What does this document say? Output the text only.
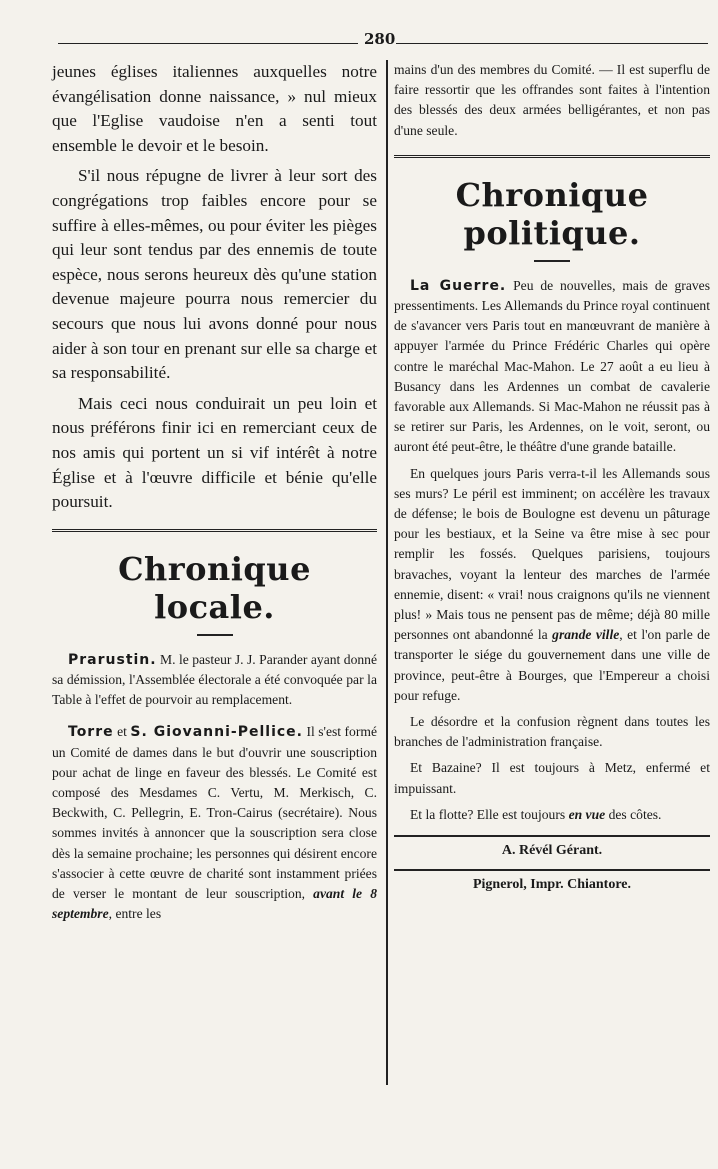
280

jeunes églises italiennes auxquelles notre évangélisation donne naissance, » nul mieux que l'Eglise vaudoise n'en a senti tout ensemble le devoir et le besoin.

S'il nous répugne de livrer à leur sort des congrégations trop faibles encore pour se suffire à elles-mêmes, ou pour éviter les pièges qui leur sont tendus par des ennemis de toute espèce, nous serons heureux dès qu'une station devenue majeure pourra nous remercier du secours que nous lui avons donné pour nous aider à son tour en prenant sur elle sa charge et sa responsabilité.

Mais ceci nous conduirait un peu loin et nous préférons finir ici en remerciant ceux de nos amis qui portent un si vif intérêt à notre Église et à l'œuvre difficile et bénie qu'elle poursuit.

Chronique locale.

Prarustin. M. le pasteur J. J. Parander ayant donné sa démission, l'Assemblée électorale a été convoquée par la Table à l'effet de pourvoir au remplacement.

Torre et S. Giovanni-Pellice. Il s'est formé un Comité de dames dans le but d'ouvrir une souscription pour achat de linge en faveur des blessés. Le Comité est composé des Mesdames C. Vertu, M. Merkisch, C. Beckwith, C. Pellegrin, E. Tron-Cairus (secrétaire). Nous sommes invités à annoncer que la souscription sera close dès la semaine prochaine; les personnes qui désirent encore s'associer à cette œuvre de charité sont instamment priées de verser le montant de leur souscription, avant le 8 septembre, entre les

mains d'un des membres du Comité. — Il est superflu de faire ressortir que les offrandes sont faites à l'intention des blessés des deux armées belligérantes, et non pas d'une seule.

Chronique politique.

La Guerre. Peu de nouvelles, mais de graves pressentiments. Les Allemands du Prince royal continuent de s'avancer vers Paris tout en manœuvrant de manière à appuyer l'armée du Prince Frédéric Charles qui opère contre le maréchal Mac-Mahon. Le 27 août a eu lieu à Busancy dans les Ardennes un combat de cavalerie favorable aux Allemands. Si Mac-Mahon ne réussit pas à se retirer sur Paris, les Ardennes, on le voit, seront, ou auront été peut-être, le théâtre d'une grande bataille.

En quelques jours Paris verra-t-il les Allemands sous ses murs? Le péril est imminent; on accélère les travaux de défense; le bois de Boulogne est devenu un pâturage pour les bestiaux, et la Seine va être mise à sec pour remplir les fossés. Quelques parisiens, toujours bravaches, voyant la lenteur des marches de l'armée ennemie, disent: « vrai! nous craignons qu'ils ne viennent plus! » Mais tous ne pensent pas de même; déjà 80 mille personnes ont abandonné la grande ville, et l'on parle de transporter le siége du gouvernement dans une ville de province, peut-être à Bourges, que l'Empereur a choisi pour refuge.

Le désordre et la confusion règnent dans toutes les branches de l'administration française.

Et Bazaine? Il est toujours à Metz, enfermé et impuissant.

Et la flotte? Elle est toujours en vue des côtes.

A. Révél Gérant.
Pignerol, Impr. Chiantore.
